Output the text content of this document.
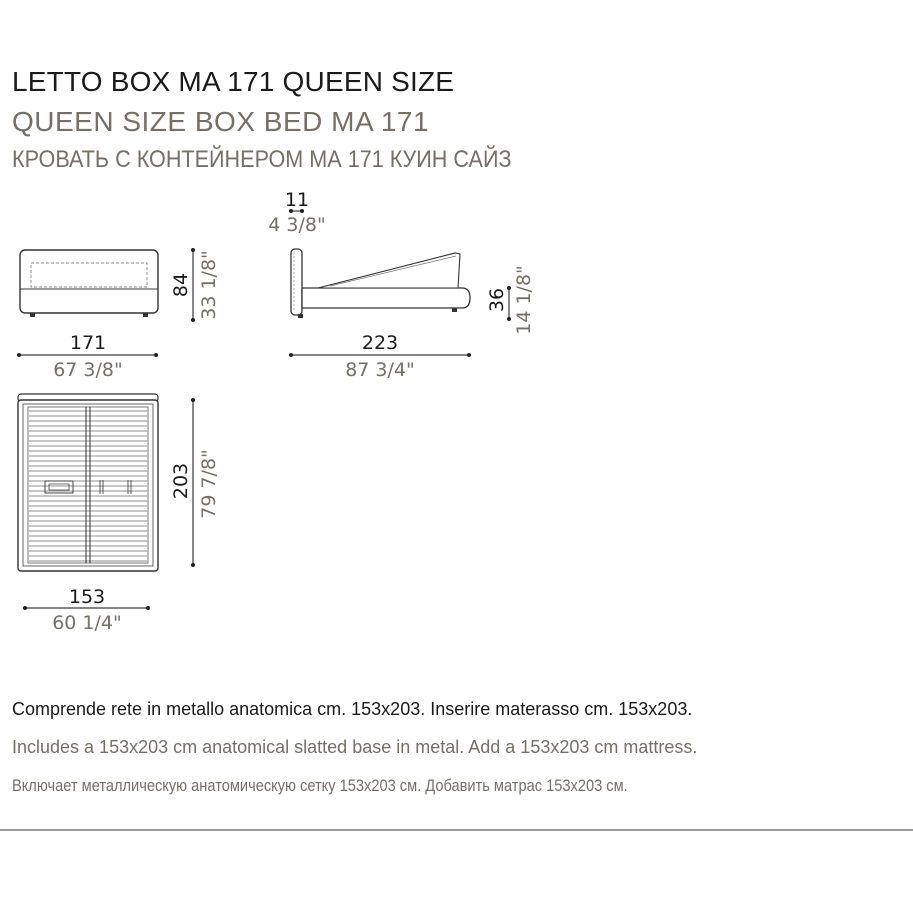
LETTO BOX MA 171 QUEEN SIZE
QUEEN SIZE BOX BED MA 171
КРОВАТЬ С КОНТЕЙНЕРОМ МА 171 КУИН САЙЗ
84 33 1/8"
171
67 3/8"
11
4 3/8"
36 14 1/8"
223
87 3/4"
203 79 7/8"
153
60 1/4"

Comprende rete in metallo anatomica cm. 153x203. Inserire materasso cm. 153x203.

Includes a 153x203 cm anatomical slatted base in metal. Add a 153x203 cm mattress.

Включает металлическую анатомическую сетку 153x203 см. Добавить матрас 153x203 см.
